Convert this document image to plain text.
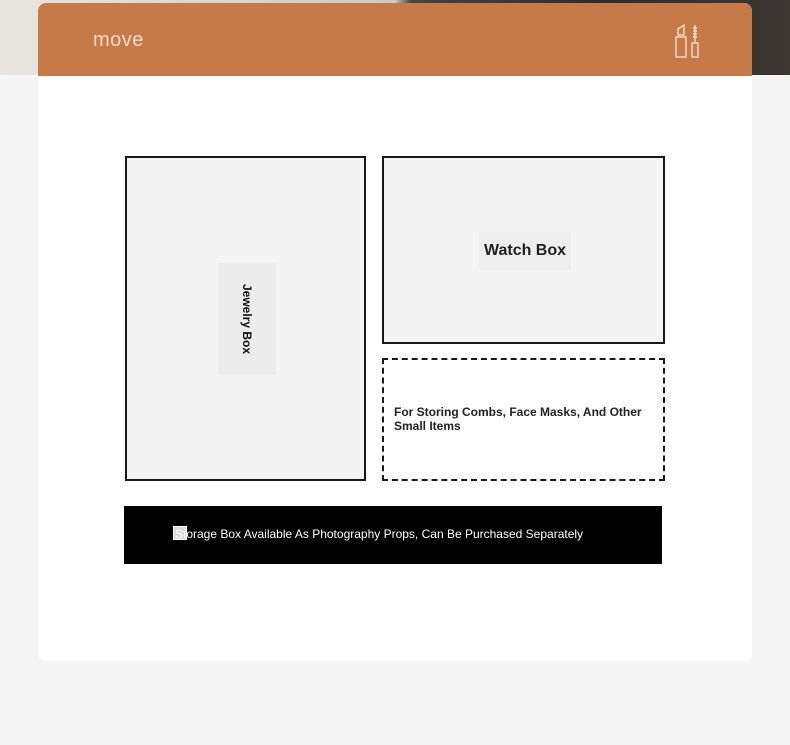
move
Jewelry Box
Watch Box
For Storing Combs, Face Masks, And Other Small Items
Storage Box Available As Photography Props, Can Be Purchased Separately
